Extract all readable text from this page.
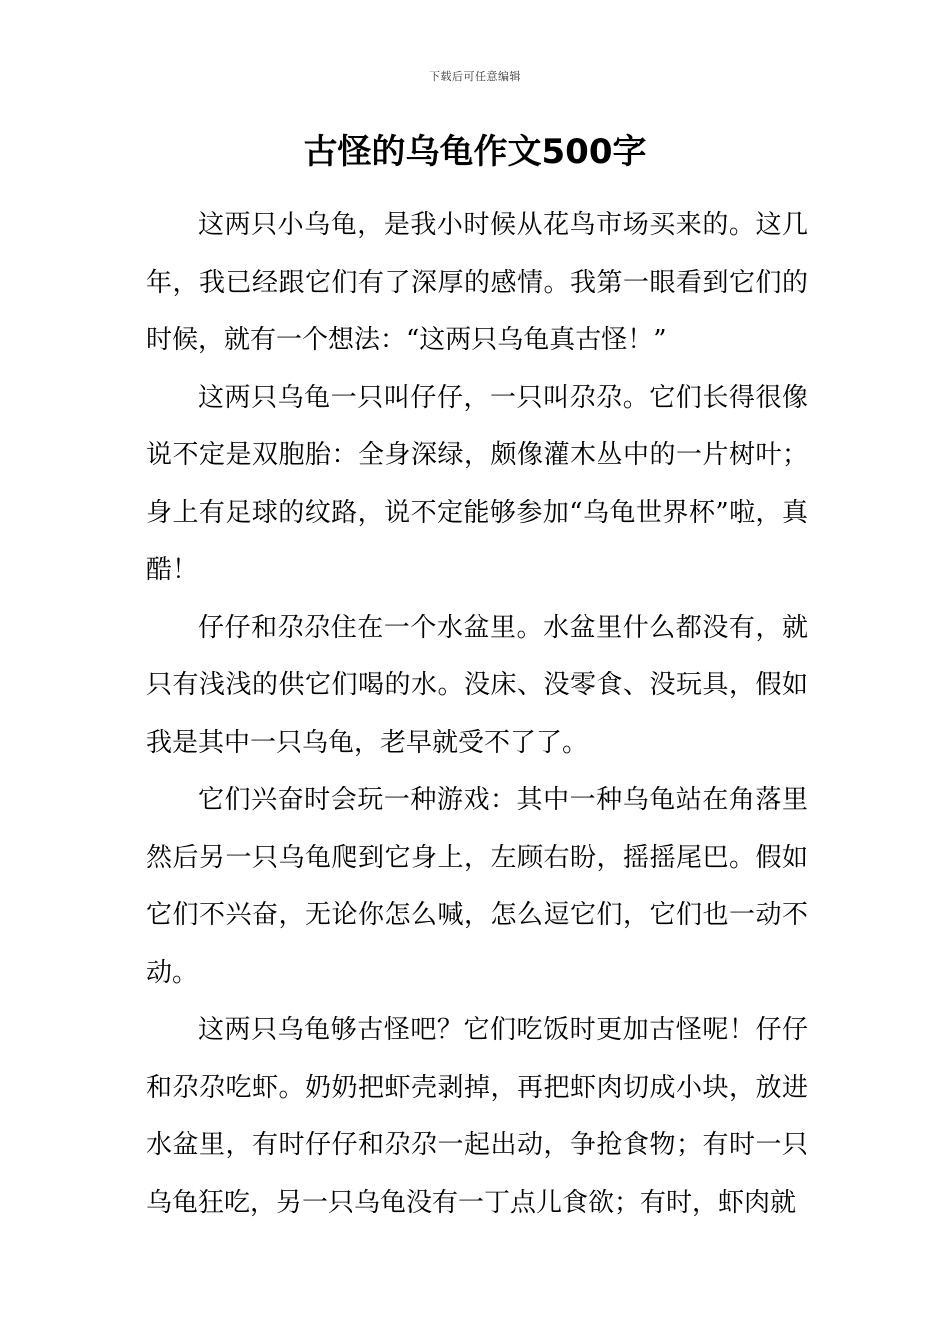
下载后可任意编辑
古怪的乌龟作文500字

这两只小乌龟，是我小时候从花鸟市场买来的。这几年，我已经跟它们有了深厚的感情。我第一眼看到它们的时候，就有一个想法：“这两只乌龟真古怪！”

这两只乌龟一只叫仔仔，一只叫尕尕。它们长得很像说不定是双胞胎：全身深绿，颇像灌木丛中的一片树叶；身上有足球的纹路，说不定能够参加“乌龟世界杯”啦，真酷！

仔仔和尕尕住在一个水盆里。水盆里什么都没有，就只有浅浅的供它们喝的水。没床、没零食、没玩具，假如我是其中一只乌龟，老早就受不了了。

它们兴奋时会玩一种游戏：其中一种乌龟站在角落里然后另一只乌龟爬到它身上，左顾右盼，摇摇尾巴。假如它们不兴奋，无论你怎么喊，怎么逗它们，它们也一动不动。

这两只乌龟够古怪吧？它们吃饭时更加古怪呢！仔仔和尕尕吃虾。奶奶把虾壳剥掉，再把虾肉切成小块，放进水盆里，有时仔仔和尕尕一起出动，争抢食物；有时一只乌龟狂吃，另一只乌龟没有一丁点儿食欲；有时，虾肉就
